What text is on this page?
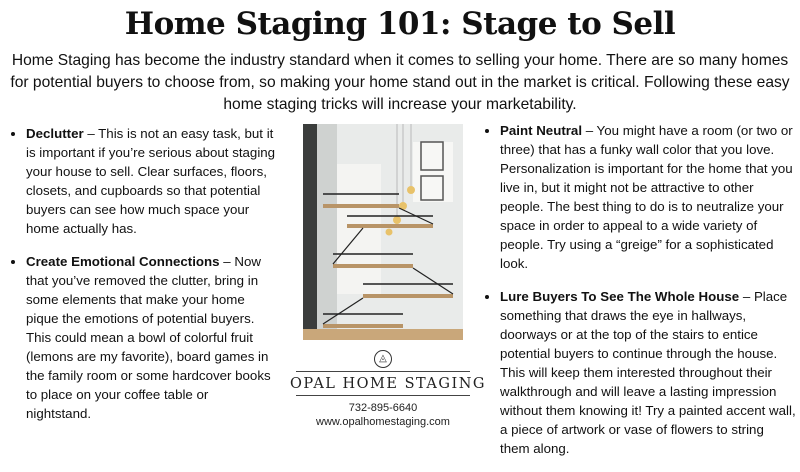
Home Staging 101: Stage to Sell
Home Staging has become the industry standard when it comes to selling your home. There are so many homes for potential buyers to choose from, so making your home stand out in the market is critical. Following these easy home staging tricks will increase your marketability.
• Declutter – This is not an easy task, but it is important if you’re serious about staging your house to sell. Clear surfaces, floors, closets, and cupboards so that potential buyers can see how much space your home actually has.
• Create Emotional Connections – Now that you’ve removed the clutter, bring in some elements that make your home pique the emotions of potential buyers. This could mean a bowl of colorful fruit (lemons are my favorite), board games in the family room or some hardcover books to place on your coffee table or nightstand.
◬
OPAL HOME STAGING
732-895-6640
www.opalhomestaging.com
• Paint Neutral – You might have a room (or two or three) that has a funky wall color that you love. Personalization is important for the home that you live in, but it might not be attractive to other people. The best thing to do is to neutralize your space in order to appeal to a wide variety of people. Try using a “greige” for a sophisticated look.
• Lure Buyers To See The Whole House – Place something that draws the eye in hallways, doorways or at the top of the stairs to entice potential buyers to continue through the house. This will keep them interested throughout their walkthrough and will leave a lasting impression without them knowing it! Try a painted accent wall, a piece of artwork or vase of flowers to string them along.
